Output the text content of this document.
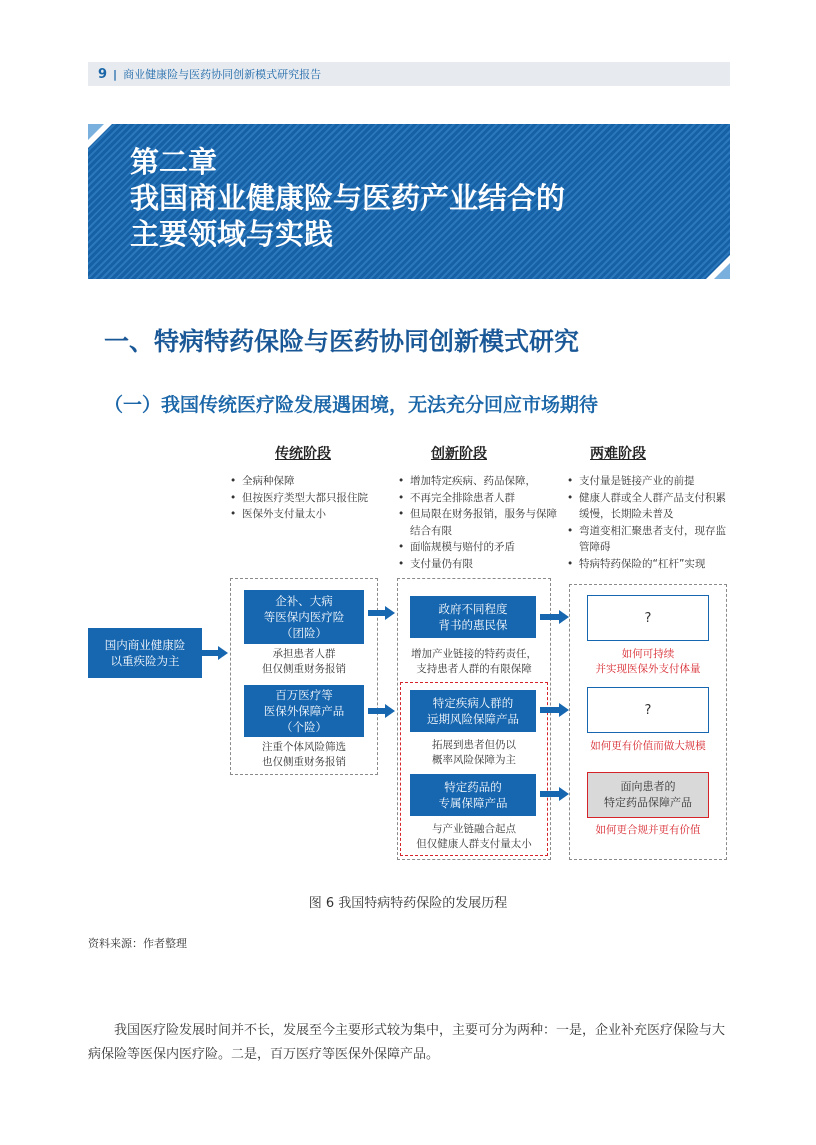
9 | 商业健康险与医药协同创新模式研究报告
第二章
我国商业健康险与医药产业结合的
主要领域与实践
一、特病特药保险与医药协同创新模式研究
（一）我国传统医疗险发展遇困境，无法充分回应市场期待
传统阶段	创新阶段	两难阶段
• 全病种保障
• 但按医疗类型大都只报住院
• 医保外支付量太小
• 增加特定疾病、药品保障，
• 不再完全排除患者人群
• 但局限在财务报销，服务与保障结合有限
• 面临规模与赔付的矛盾
• 支付量仍有限
• 支付量是链接产业的前提
• 健康人群或全人群产品支付积累缓慢，长期险未普及
• 弯道变相汇聚患者支付，现存监管障碍
• 特病特药保险的“杠杆”实现
国内商业健康险
以重疾险为主
企补、大病
等医保内医疗险
（团险）
承担患者人群
但仅侧重财务报销
百万医疗等
医保外保障产品
（个险）
注重个体风险筛选
也仅侧重财务报销
政府不同程度
背书的惠民保
增加产业链接的特药责任，
支持患者人群的有限保障
特定疾病人群的
远期风险保障产品
拓展到患者但仍以
概率风险保障为主
特定药品的
专属保障产品
与产业链融合起点
但仅健康人群支付量太小
?
如何可持续
并实现医保外支付体量
?
如何更有价值而做大规模
面向患者的
特定药品保障产品
如何更合规并更有价值
图 6 我国特病特药保险的发展历程
资料来源：作者整理
我国医疗险发展时间并不长，发展至今主要形式较为集中，主要可分为两种：一是，企业补充医疗保险与大病保险等医保内医疗险。二是，百万医疗等医保外保障产品。
